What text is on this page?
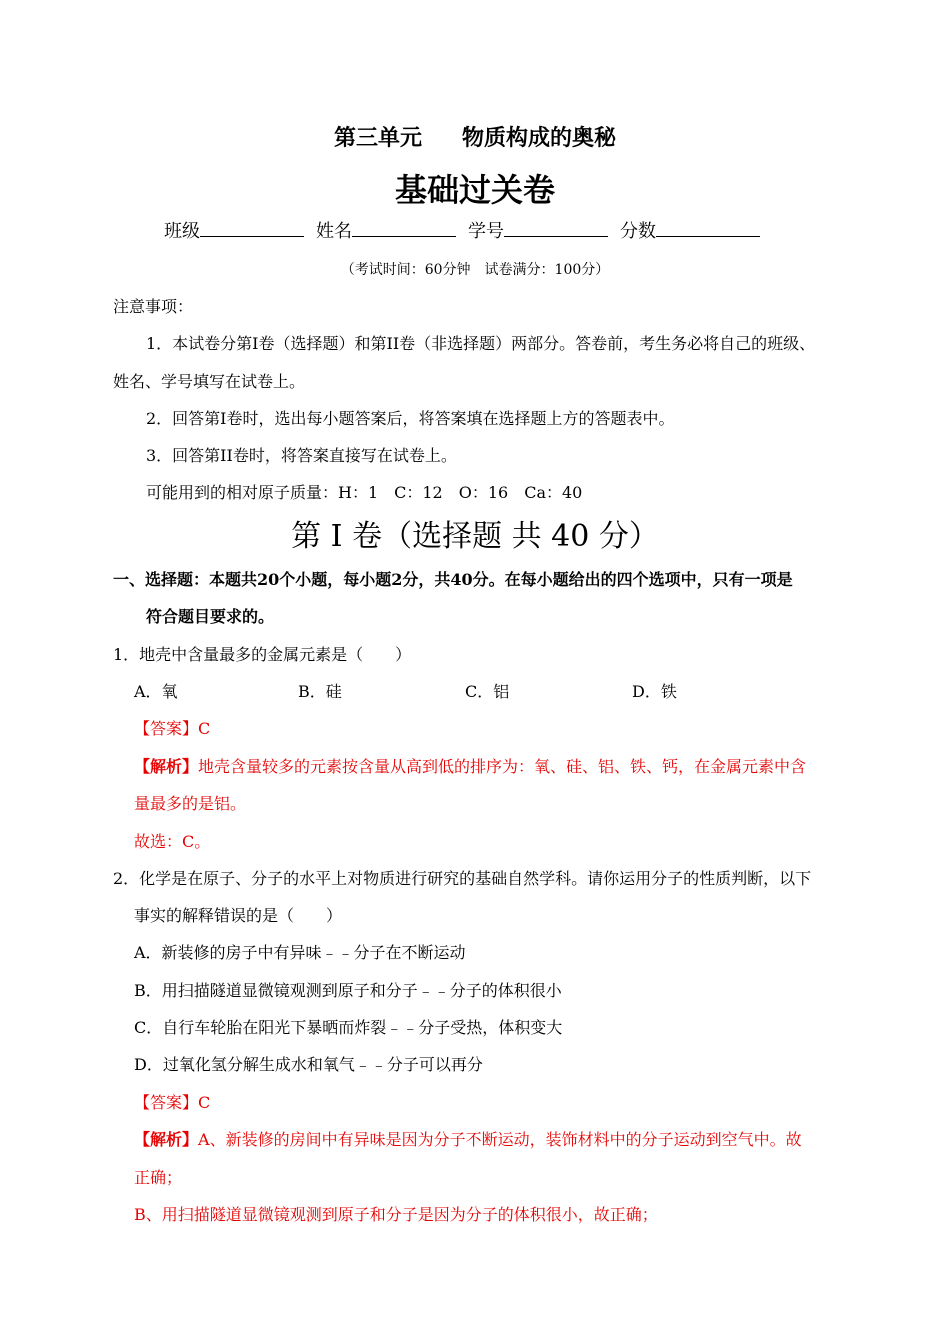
第三单元 物质构成的奥秘
基础过关卷
班级	姓名	学号	分数
（考试时间：60分钟　试卷满分：100分）
注意事项：
1．本试卷分第I卷（选择题）和第II卷（非选择题）两部分。答卷前，考生务必将自己的班级、
姓名、学号填写在试卷上。
2．回答第I卷时，选出每小题答案后，将答案填在选择题上方的答题表中。
3．回答第II卷时，将答案直接写在试卷上。
可能用到的相对原子质量：H：1　C：12　O：16　Ca：40
第 I 卷（选择题 共 40 分）
一、选择题：本题共20个小题，每小题2分，共40分。在每小题给出的四个选项中，只有一项是
符合题目要求的。
1．地壳中含量最多的金属元素是（　　）
A．氧	B．硅	C．铝	D．铁
【答案】C
【解析】地壳含量较多的元素按含量从高到低的排序为：氧、硅、铝、铁、钙，在金属元素中含
量最多的是铝。
故选：C。
2．化学是在原子、分子的水平上对物质进行研究的基础自然学科。请你运用分子的性质判断，以下
事实的解释错误的是（　　）
A．新装修的房子中有异味﹣﹣分子在不断运动
B．用扫描隧道显微镜观测到原子和分子﹣﹣分子的体积很小
C．自行车轮胎在阳光下暴晒而炸裂﹣﹣分子受热，体积变大
D．过氧化氢分解生成水和氧气﹣﹣分子可以再分
【答案】C
【解析】A、新装修的房间中有异味是因为分子不断运动，装饰材料中的分子运动到空气中。故
正确；
B、用扫描隧道显微镜观测到原子和分子是因为分子的体积很小，故正确；
